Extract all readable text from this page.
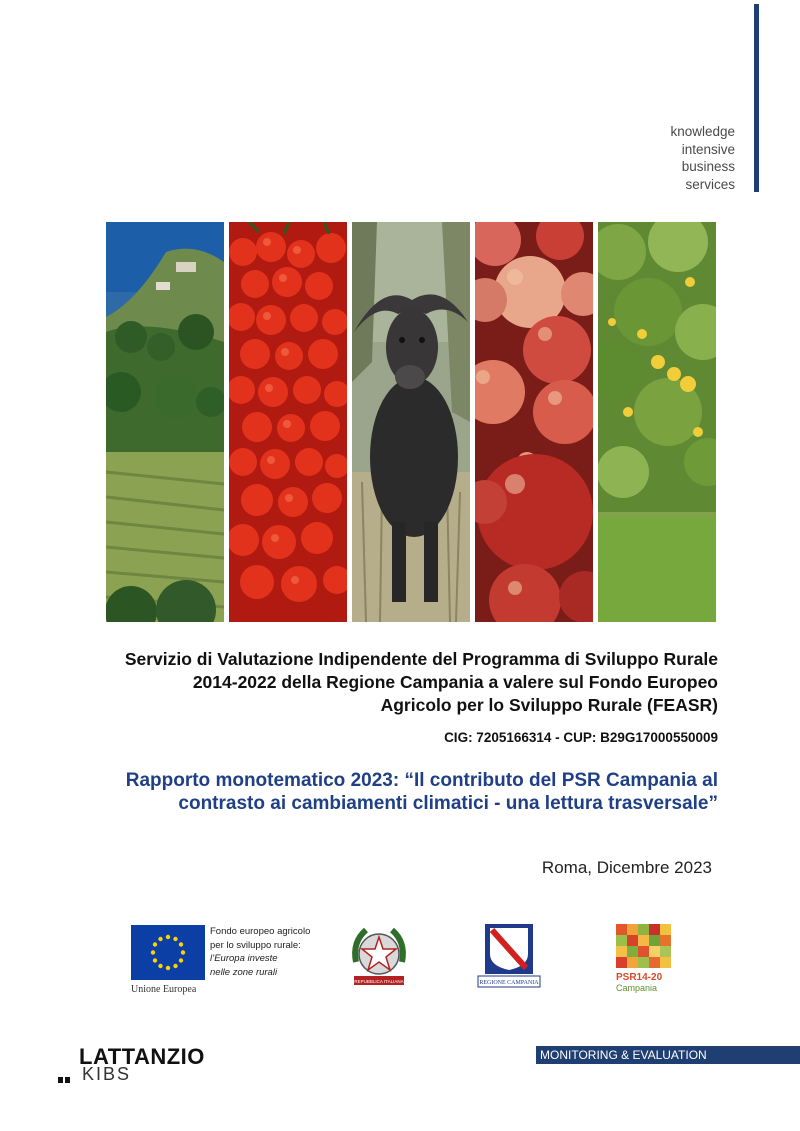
knowledge
intensive
business
services
Servizio di Valutazione Indipendente del Programma di Sviluppo Rurale 2014-2022 della Regione Campania a valere sul Fondo Europeo Agricolo per lo Sviluppo Rurale (FEASR)
CIG: 7205166314 - CUP: B29G17000550009
Rapporto monotematico 2023: “Il contributo del PSR Campania al contrasto ai cambiamenti climatici - una lettura trasversale”
Roma, Dicembre 2023
Unione Europea
Fondo europeo agricolo
per lo sviluppo rurale:
l’Europa investe
nelle zone rurali
REPUBBLICA ITALIANA	REGIONE CAMPANIA	PSR14-20
Campania
LATTANZIO
KIBS
MONITORING & EVALUATION
